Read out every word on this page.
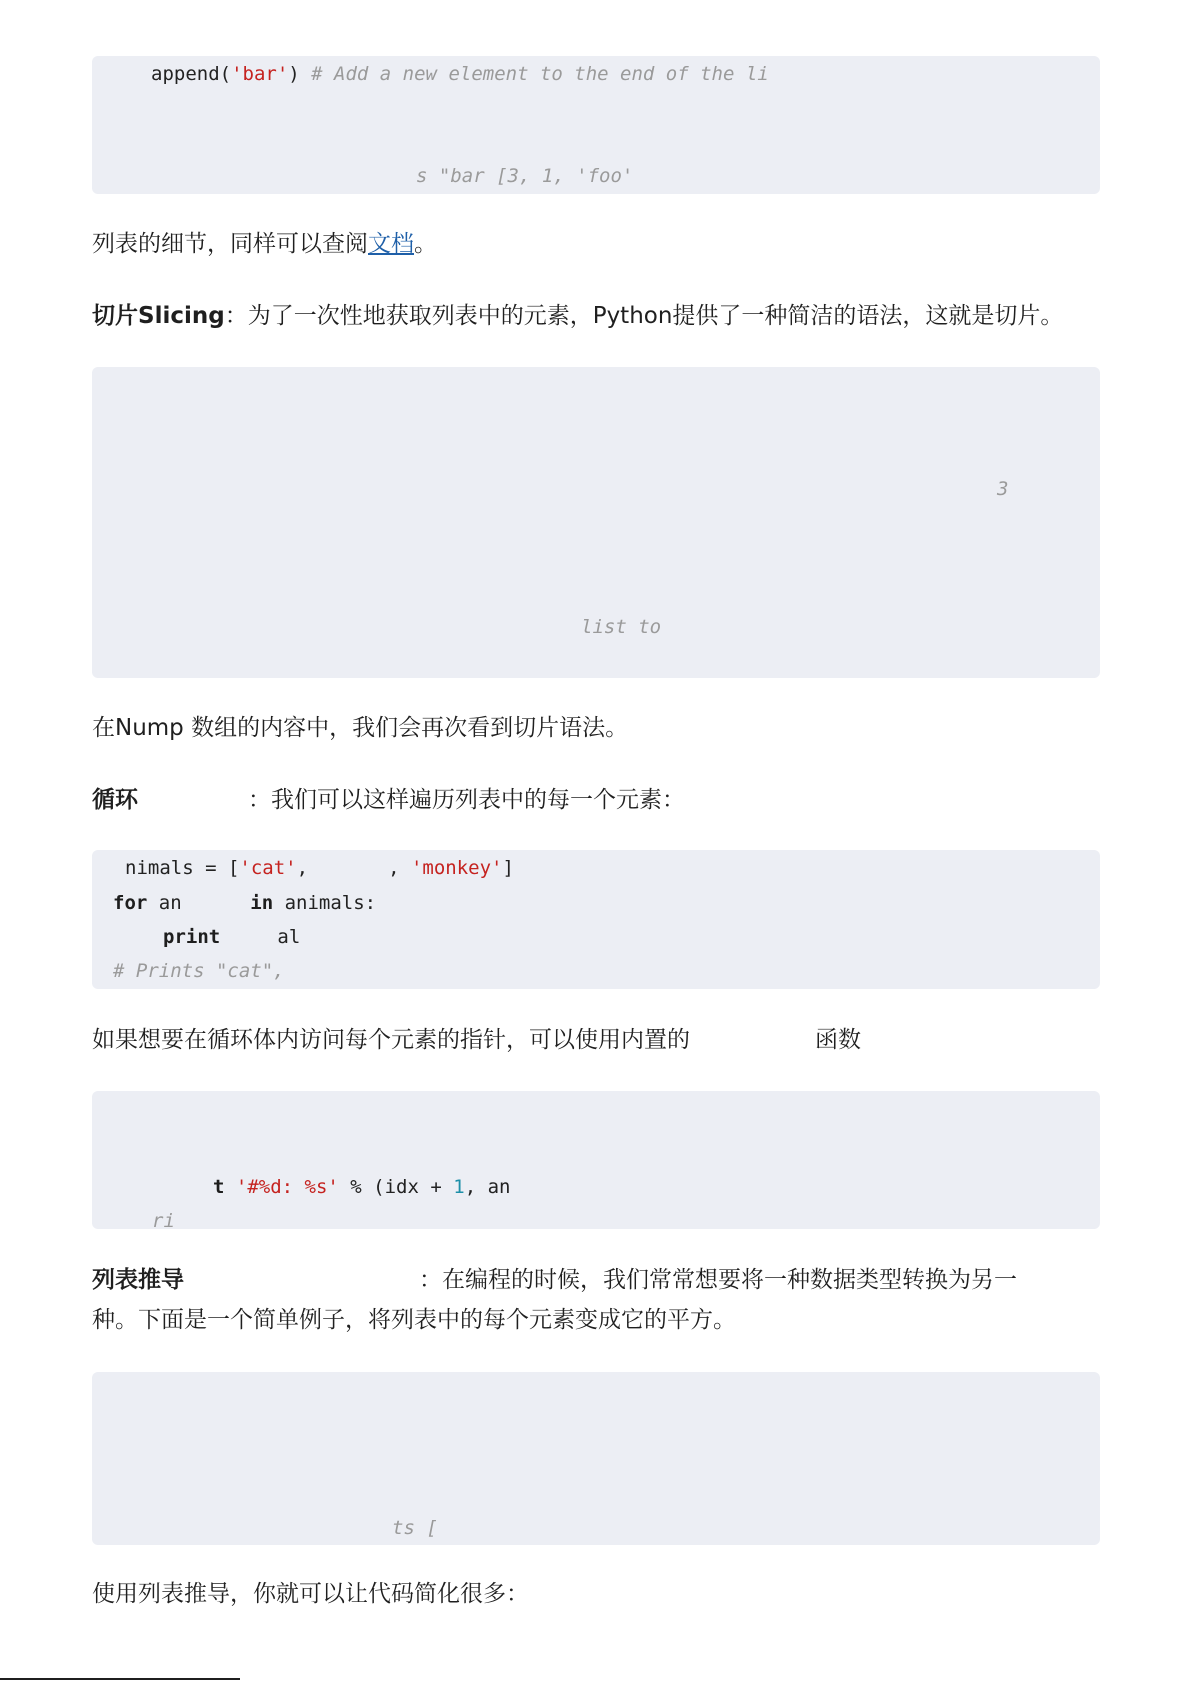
append('bar') # Add a new element to the end of the li
s "bar [3, 1, 'foo'
列表的细节，同样可以查阅文档。
切片Slicing：为了一次性地获取列表中的元素，Python提供了一种简洁的语法，这就是切片。
3
list to
在Nump 数组的内容中，我们会再次看到切片语法。
循环	：我们可以这样遍历列表中的每一个元素：
nimals = ['cat',       , 'monkey']
for an      in animals:
print     al
# Prints "cat",
如果想要在循环体内访问每个元素的指针，可以使用内置的	函数
t '#%d: %s' % (idx + 1, an
ri
列表推导	：在编程的时候，我们常常想要将一种数据类型转换为另一
种。下面是一个简单例子，将列表中的每个元素变成它的平方。
ts [
使用列表推导，你就可以让代码简化很多：
